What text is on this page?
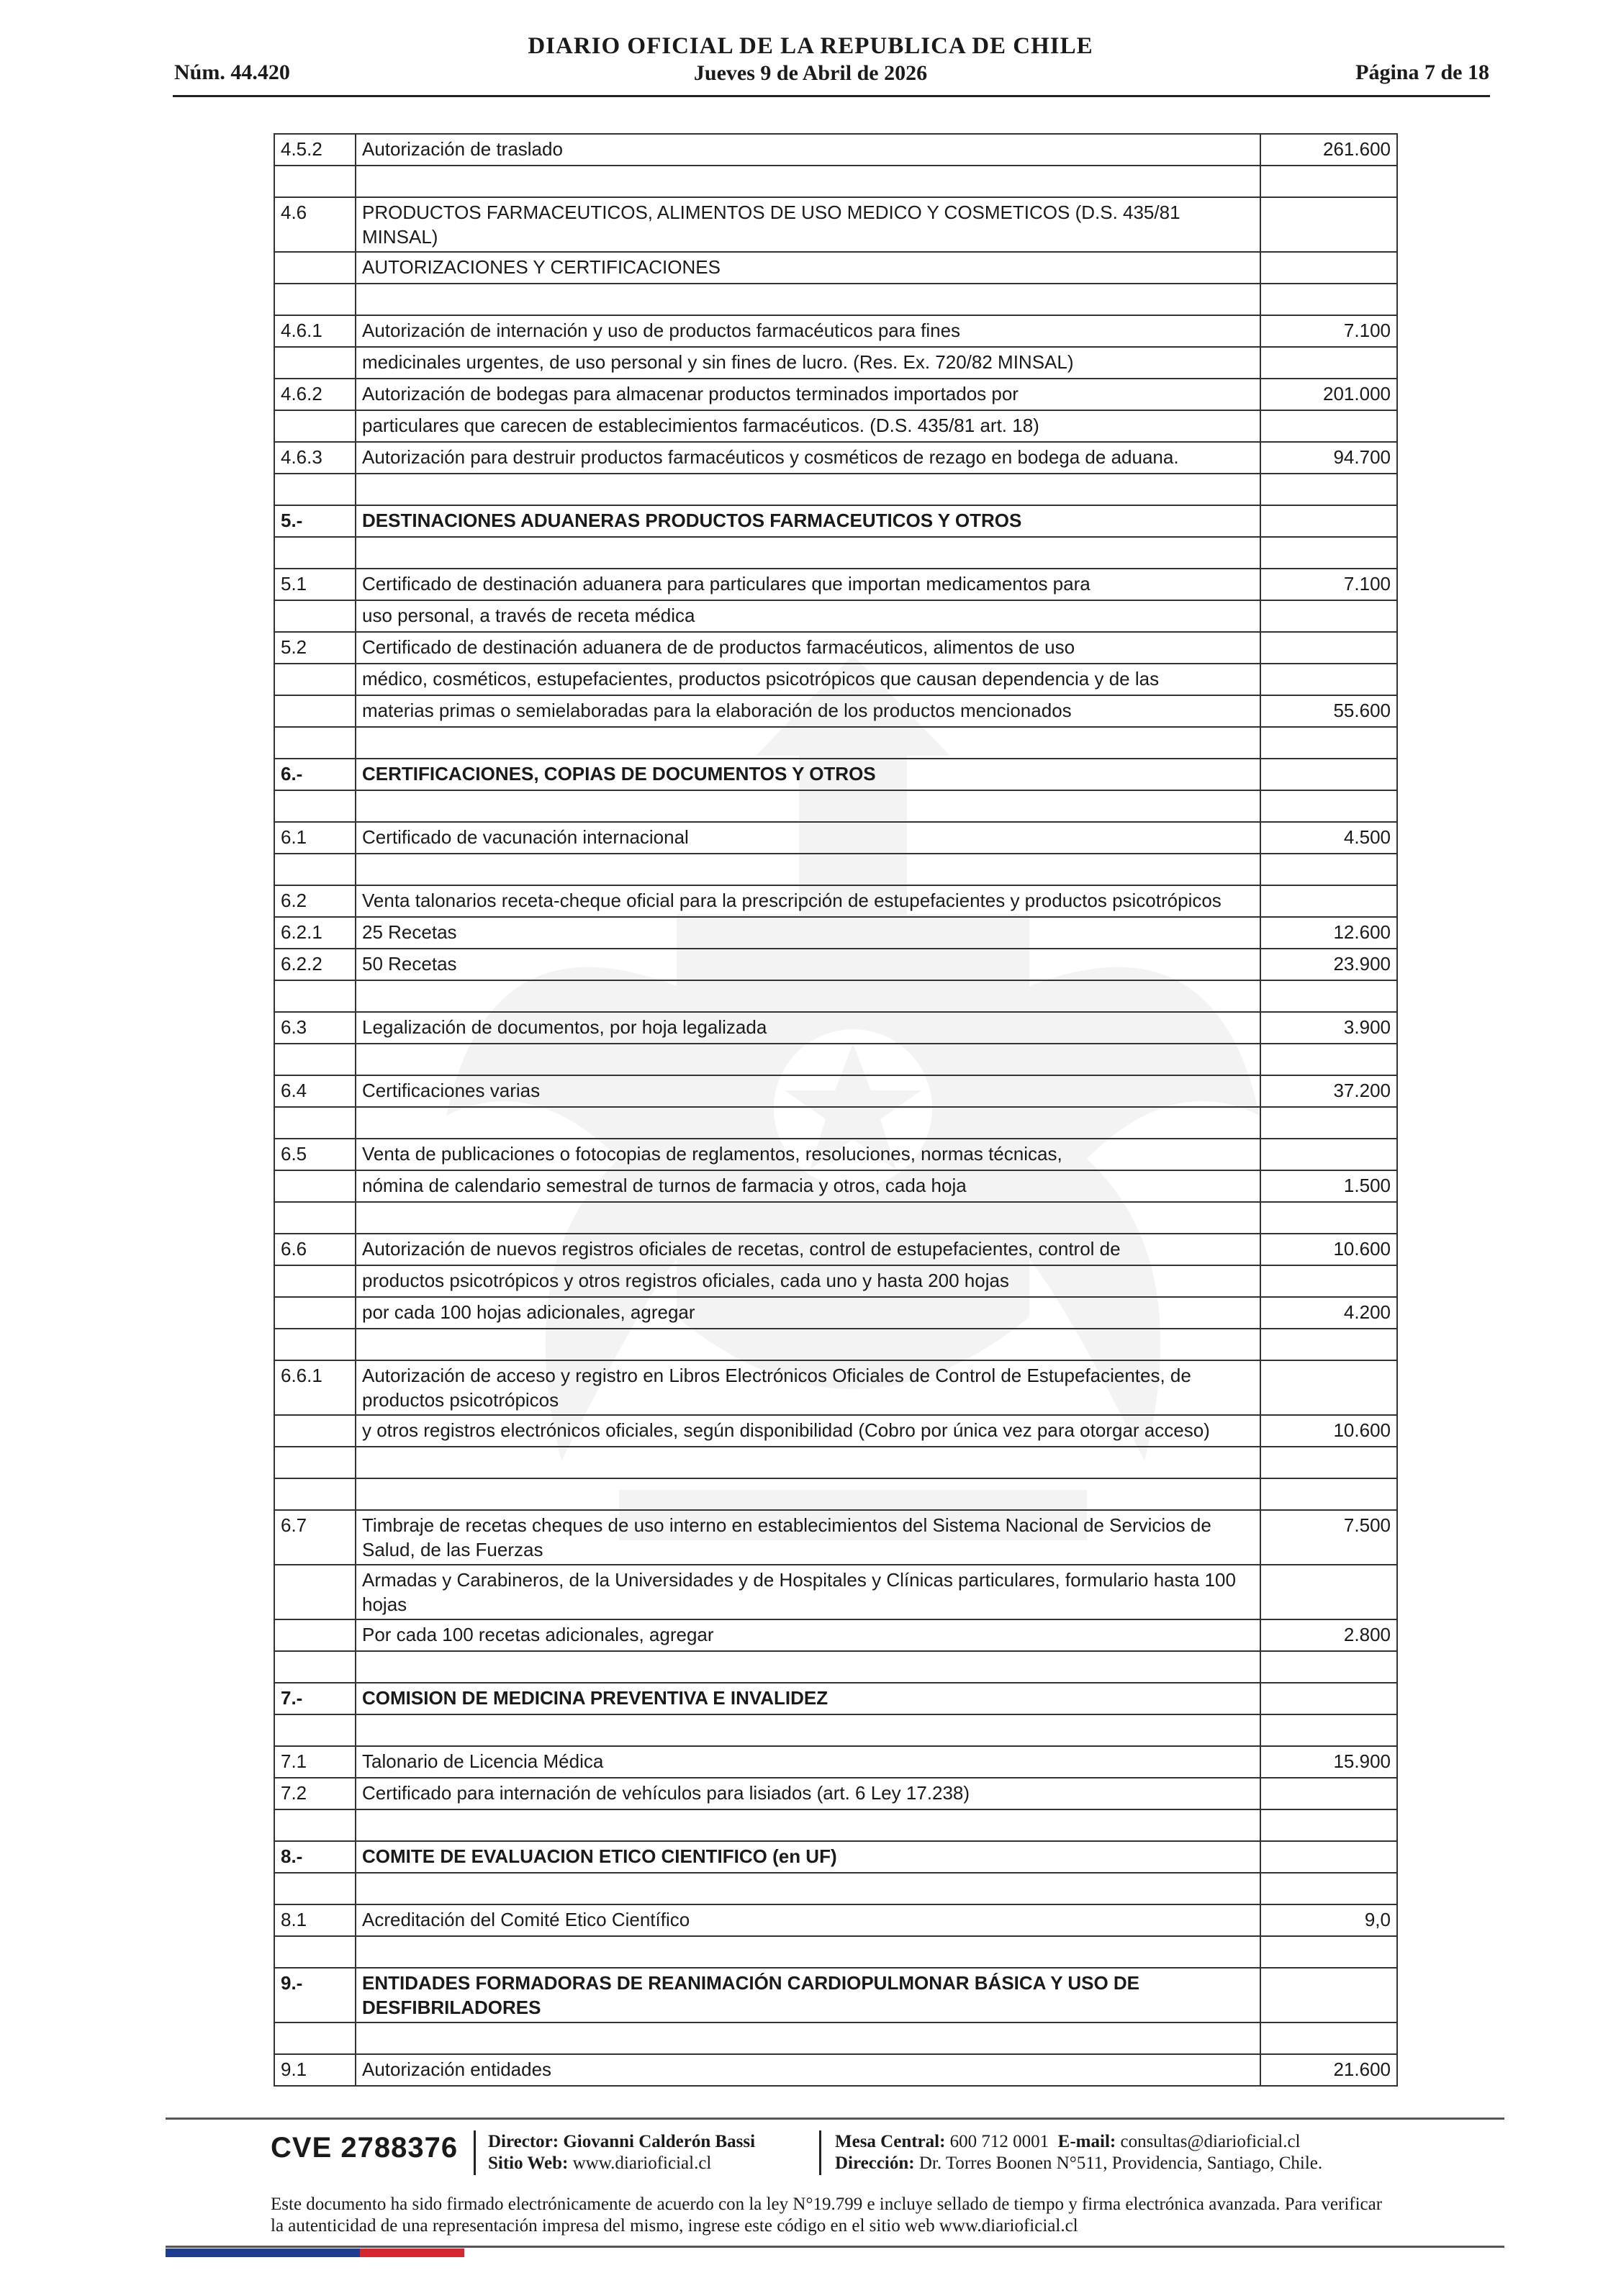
DIARIO OFICIAL DE LA REPUBLICA DE CHILE
Jueves 9 de Abril de 2026
Núm. 44.420	Página 7 de 18
4.5.2	Autorización de traslado	261.600

4.6	PRODUCTOS FARMACEUTICOS, ALIMENTOS DE USO MEDICO Y COSMETICOS (D.S. 435/81 MINSAL)	
	AUTORIZACIONES Y CERTIFICACIONES	

4.6.1	Autorización de internación y uso de productos farmacéuticos para fines	7.100
	medicinales urgentes, de uso personal y sin fines de lucro. (Res. Ex. 720/82 MINSAL)	
4.6.2	Autorización de bodegas para almacenar productos terminados importados por	201.000
	particulares que carecen de establecimientos farmacéuticos. (D.S. 435/81 art. 18)	
4.6.3	Autorización para destruir productos farmacéuticos y cosméticos de rezago en bodega de aduana.	94.700

5.-	DESTINACIONES ADUANERAS PRODUCTOS FARMACEUTICOS Y OTROS	

5.1	Certificado de destinación aduanera para particulares que importan medicamentos para	7.100
	uso personal, a través de receta médica	
5.2	Certificado de destinación aduanera de de productos farmacéuticos, alimentos de uso	
	médico, cosméticos, estupefacientes, productos psicotrópicos que causan dependencia y de las	
	materias primas o semielaboradas para la elaboración de los productos mencionados	55.600

6.-	CERTIFICACIONES, COPIAS DE DOCUMENTOS Y OTROS	

6.1	Certificado de vacunación internacional	4.500

6.2	Venta talonarios receta-cheque oficial para la prescripción de estupefacientes y productos psicotrópicos	
6.2.1	25 Recetas	12.600
6.2.2	50 Recetas	23.900

6.3	Legalización de documentos, por hoja legalizada	3.900

6.4	Certificaciones varias	37.200

6.5	Venta de publicaciones o fotocopias de reglamentos, resoluciones, normas técnicas,	
	nómina de calendario semestral de turnos de farmacia y otros, cada hoja	1.500

6.6	Autorización de nuevos registros oficiales de recetas, control de estupefacientes, control de	10.600
	productos psicotrópicos y otros registros oficiales, cada uno y hasta 200 hojas	
	por cada 100 hojas adicionales, agregar	4.200

6.6.1	Autorización de acceso y registro en Libros Electrónicos Oficiales de Control de Estupefacientes, de productos psicotrópicos	
	y otros registros electrónicos oficiales, según disponibilidad (Cobro por única vez para otorgar acceso)	10.600

6.7	Timbraje de recetas cheques de uso interno en establecimientos del Sistema Nacional de Servicios de Salud, de las Fuerzas	7.500
	Armadas y Carabineros, de la Universidades y de Hospitales y Clínicas particulares, formulario hasta 100 hojas	
	Por cada 100 recetas adicionales, agregar	2.800

7.-	COMISION DE MEDICINA PREVENTIVA E INVALIDEZ	

7.1	Talonario de Licencia Médica	15.900
7.2	Certificado para internación de vehículos para lisiados (art. 6 Ley 17.238)	

8.-	COMITE DE EVALUACION ETICO CIENTIFICO (en UF)	

8.1	Acreditación del Comité Etico Científico	9,0

9.-	ENTIDADES FORMADORAS DE REANIMACIÓN CARDIOPULMONAR BÁSICA Y USO DE DESFIBRILADORES	

9.1	Autorización entidades	21.600
CVE 2788376 Director: Giovanni Calderón Bassi
Sitio Web: www.diarioficial.cl
Mesa Central: 600 712 0001 E-mail: consultas@diarioficial.cl
Dirección: Dr. Torres Boonen N°511, Providencia, Santiago, Chile.
Este documento ha sido firmado electrónicamente de acuerdo con la ley N°19.799 e incluye sellado de tiempo y firma electrónica avanzada. Para verificar la autenticidad de una representación impresa del mismo, ingrese este código en el sitio web www.diarioficial.cl
